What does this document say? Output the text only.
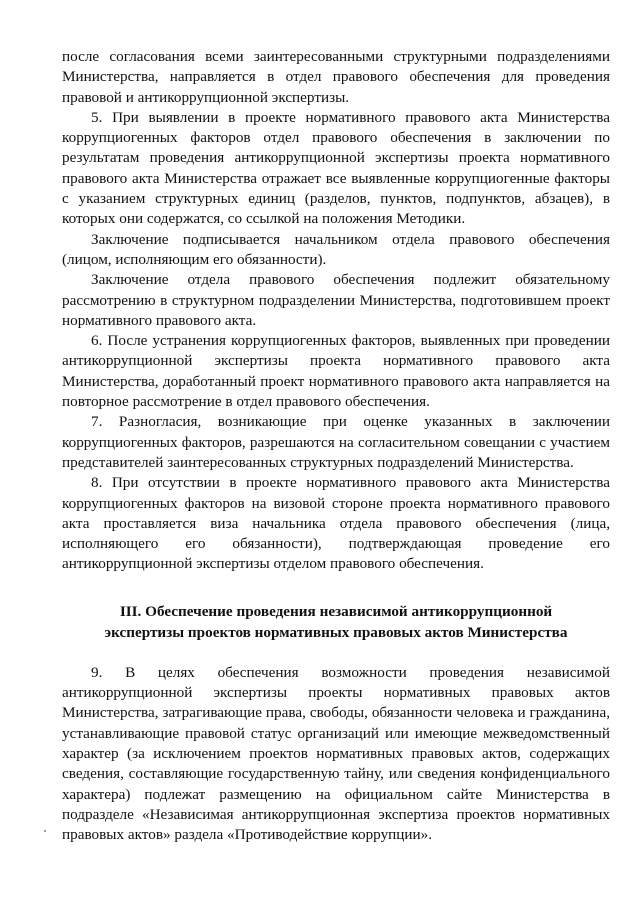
после согласования всеми заинтересованными структурными подразделениями Министерства, направляется в отдел правового обеспечения для проведения правовой и антикоррупционной экспертизы.

5. При выявлении в проекте нормативного правового акта Министерства коррупциогенных факторов отдел правового обеспечения в заключении по результатам проведения антикоррупционной экспертизы проекта нормативного правового акта Министерства отражает все выявленные коррупциогенные факторы с указанием структурных единиц (разделов, пунктов, подпунктов, абзацев), в которых они содержатся, со ссылкой на положения Методики.

Заключение подписывается начальником отдела правового обеспечения (лицом, исполняющим его обязанности).

Заключение отдела правового обеспечения подлежит обязательному рассмотрению в структурном подразделении Министерства, подготовившем проект нормативного правового акта.

6. После устранения коррупциогенных факторов, выявленных при проведении антикоррупционной экспертизы проекта нормативного правового акта Министерства, доработанный проект нормативного правового акта направляется на повторное рассмотрение в отдел правового обеспечения.

7. Разногласия, возникающие при оценке указанных в заключении коррупциогенных факторов, разрешаются на согласительном совещании с участием представителей заинтересованных структурных подразделений Министерства.

8. При отсутствии в проекте нормативного правового акта Министерства коррупциогенных факторов на визовой стороне проекта нормативного правового акта проставляется виза начальника отдела правового обеспечения (лица, исполняющего его обязанности), подтверждающая проведение его антикоррупционной экспертизы отделом правового обеспечения.

III. Обеспечение проведения независимой антикоррупционной
экспертизы проектов нормативных правовых актов Министерства

9. В целях обеспечения возможности проведения независимой антикоррупционной экспертизы проекты нормативных правовых актов Министерства, затрагивающие права, свободы, обязанности человека и гражданина, устанавливающие правовой статус организаций или имеющие межведомственный характер (за исключением проектов нормативных правовых актов, содержащих сведения, составляющие государственную тайну, или сведения конфиденциального характера) подлежат размещению на официальном сайте Министерства в подразделе «Независимая антикоррупционная экспертиза проектов нормативных правовых актов» раздела «Противодействие коррупции».
